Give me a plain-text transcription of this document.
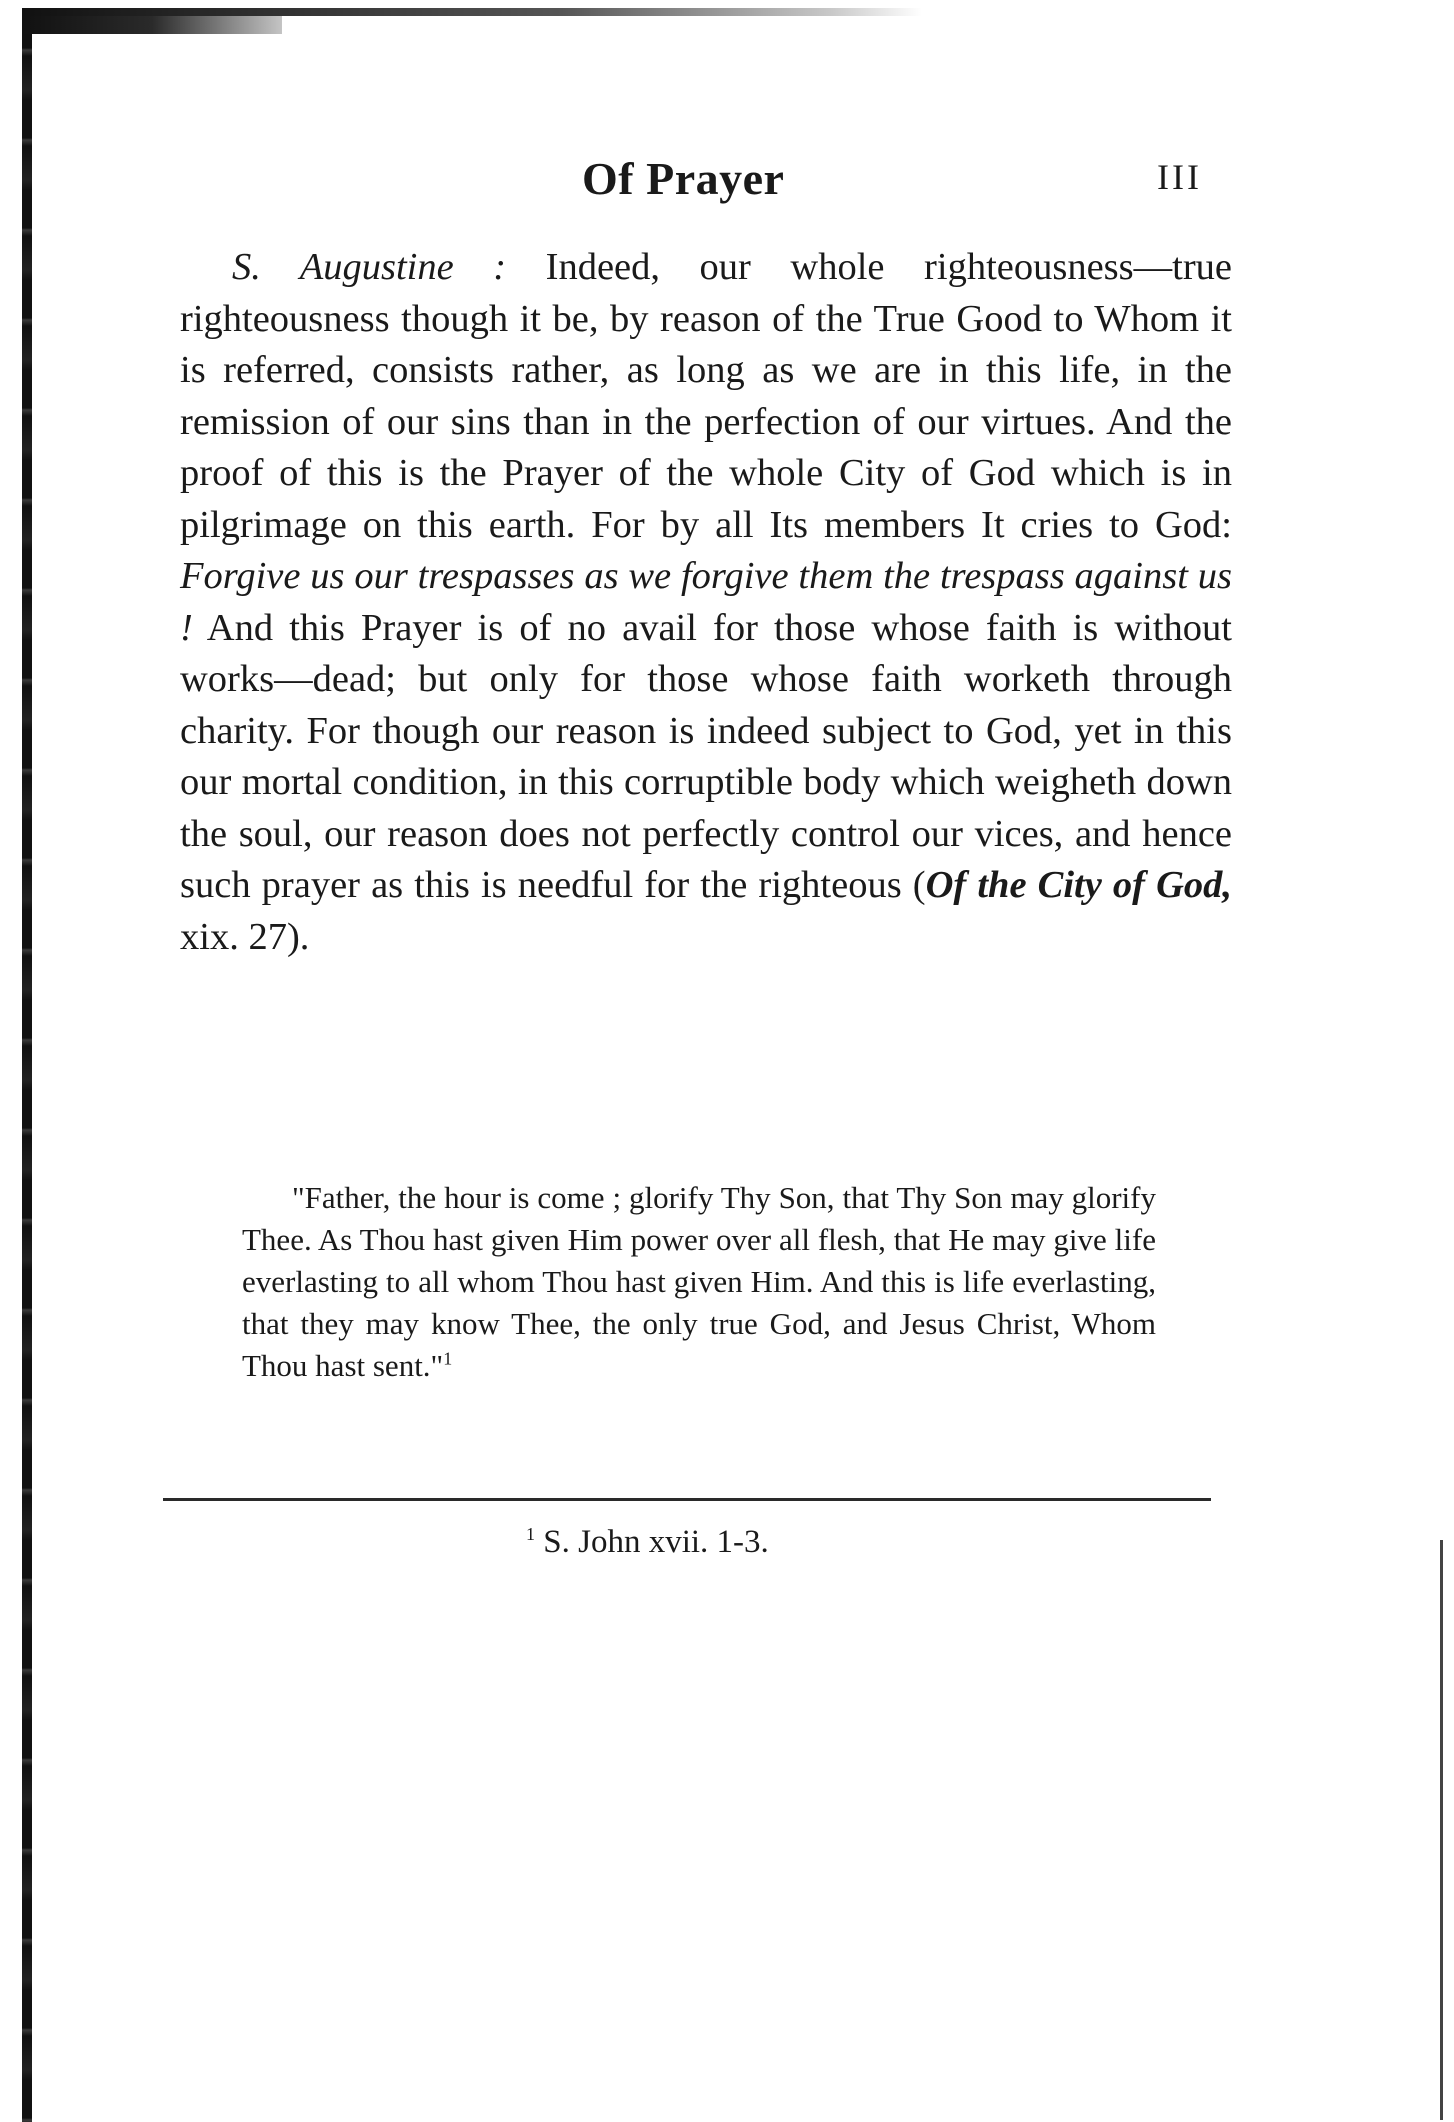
Of Prayer	III

S. Augustine : Indeed, our whole righteousness—true righteousness though it be, by reason of the True Good to Whom it is referred, consists rather, as long as we are in this life, in the remission of our sins than in the perfection of our virtues. And the proof of this is the Prayer of the whole City of God which is in pilgrimage on this earth. For by all Its members It cries to God: Forgive us our trespasses as we forgive them the trespass against us ! And this Prayer is of no avail for those whose faith is without works—dead; but only for those whose faith worketh through charity. For though our reason is indeed subject to God, yet in this our mortal condition, in this corruptible body which weigheth down the soul, our reason does not perfectly control our vices, and hence such prayer as this is needful for the righteous (Of the City of God, xix. 27).

"Father, the hour is come ; glorify Thy Son, that Thy Son may glorify Thee. As Thou hast given Him power over all flesh, that He may give life everlasting to all whom Thou hast given Him. And this is life everlasting, that they may know Thee, the only true God, and Jesus Christ, Whom Thou hast sent."$^1$

$^1$ S. John xvii. 1-3.
